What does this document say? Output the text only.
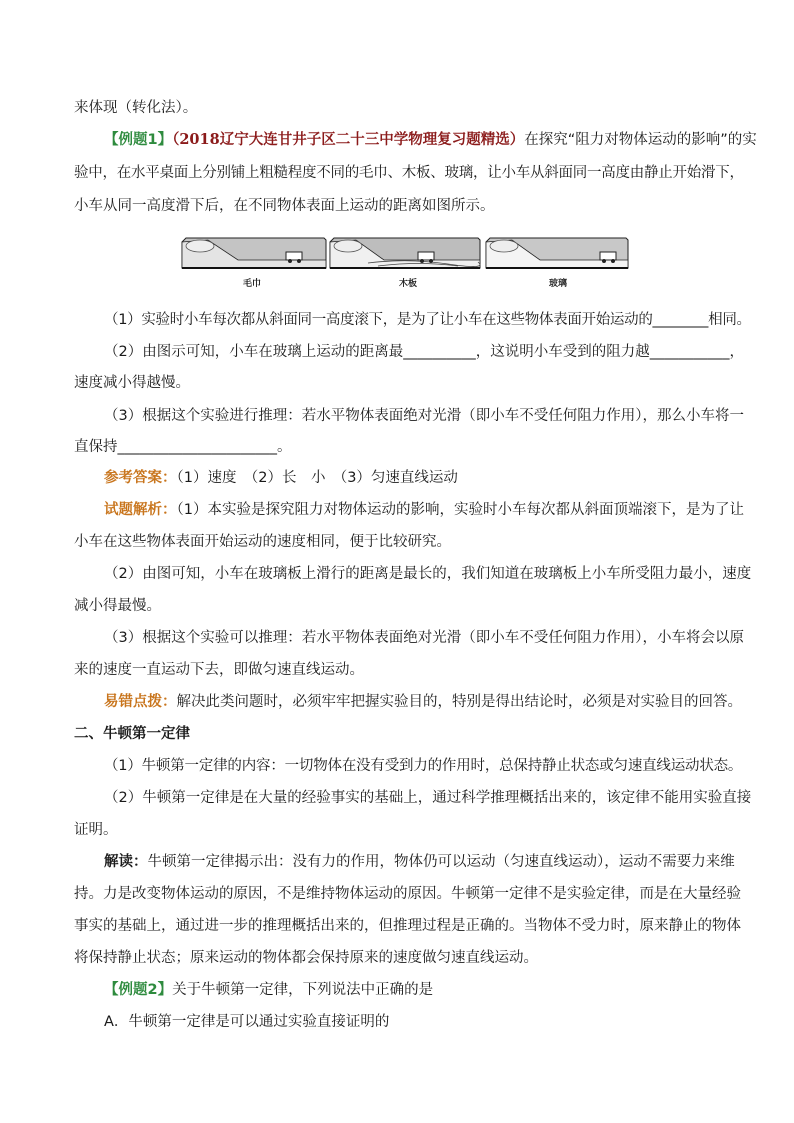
来体现（转化法）。
【例题1】（2018辽宁大连甘井子区二十三中学物理复习题精选）在探究“阻力对物体运动的影响”的实
验中，在水平桌面上分别铺上粗糙程度不同的毛巾、木板、玻璃，让小车从斜面同一高度由静止开始滑下，
小车从同一高度滑下后，在不同物体表面上运动的距离如图所示。
毛巾	木板	玻璃
（1）实验时小车每次都从斜面同一高度滚下，是为了让小车在这些物体表面开始运动的________相同。
（2）由图示可知，小车在玻璃上运动的距离最__________，这说明小车受到的阻力越___________，
速度减小得越慢。
（3）根据这个实验进行推理：若水平物体表面绝对光滑（即小车不受任何阻力作用），那么小车将一
直保持______________________。
参考答案：（1）速度　（2）长　小　（3）匀速直线运动
试题解析：（1）本实验是探究阻力对物体运动的影响，实验时小车每次都从斜面顶端滚下，是为了让
小车在这些物体表面开始运动的速度相同，便于比较研究。
（2）由图可知，小车在玻璃板上滑行的距离是最长的，我们知道在玻璃板上小车所受阻力最小，速度
减小得最慢。
（3）根据这个实验可以推理：若水平物体表面绝对光滑（即小车不受任何阻力作用），小车将会以原
来的速度一直运动下去，即做匀速直线运动。
易错点拨：解决此类问题时，必须牢牢把握实验目的，特别是得出结论时，必须是对实验目的回答。
二、牛顿第一定律
（1）牛顿第一定律的内容：一切物体在没有受到力的作用时，总保持静止状态或匀速直线运动状态。
（2）牛顿第一定律是在大量的经验事实的基础上，通过科学推理概括出来的，该定律不能用实验直接
证明。
解读：牛顿第一定律揭示出：没有力的作用，物体仍可以运动（匀速直线运动），运动不需要力来维
持。力是改变物体运动的原因，不是维持物体运动的原因。牛顿第一定律不是实验定律，而是在大量经验
事实的基础上，通过进一步的推理概括出来的，但推理过程是正确的。当物体不受力时，原来静止的物体
将保持静止状态；原来运动的物体都会保持原来的速度做匀速直线运动。
【例题2】关于牛顿第一定律，下列说法中正确的是
A．牛顿第一定律是可以通过实验直接证明的
